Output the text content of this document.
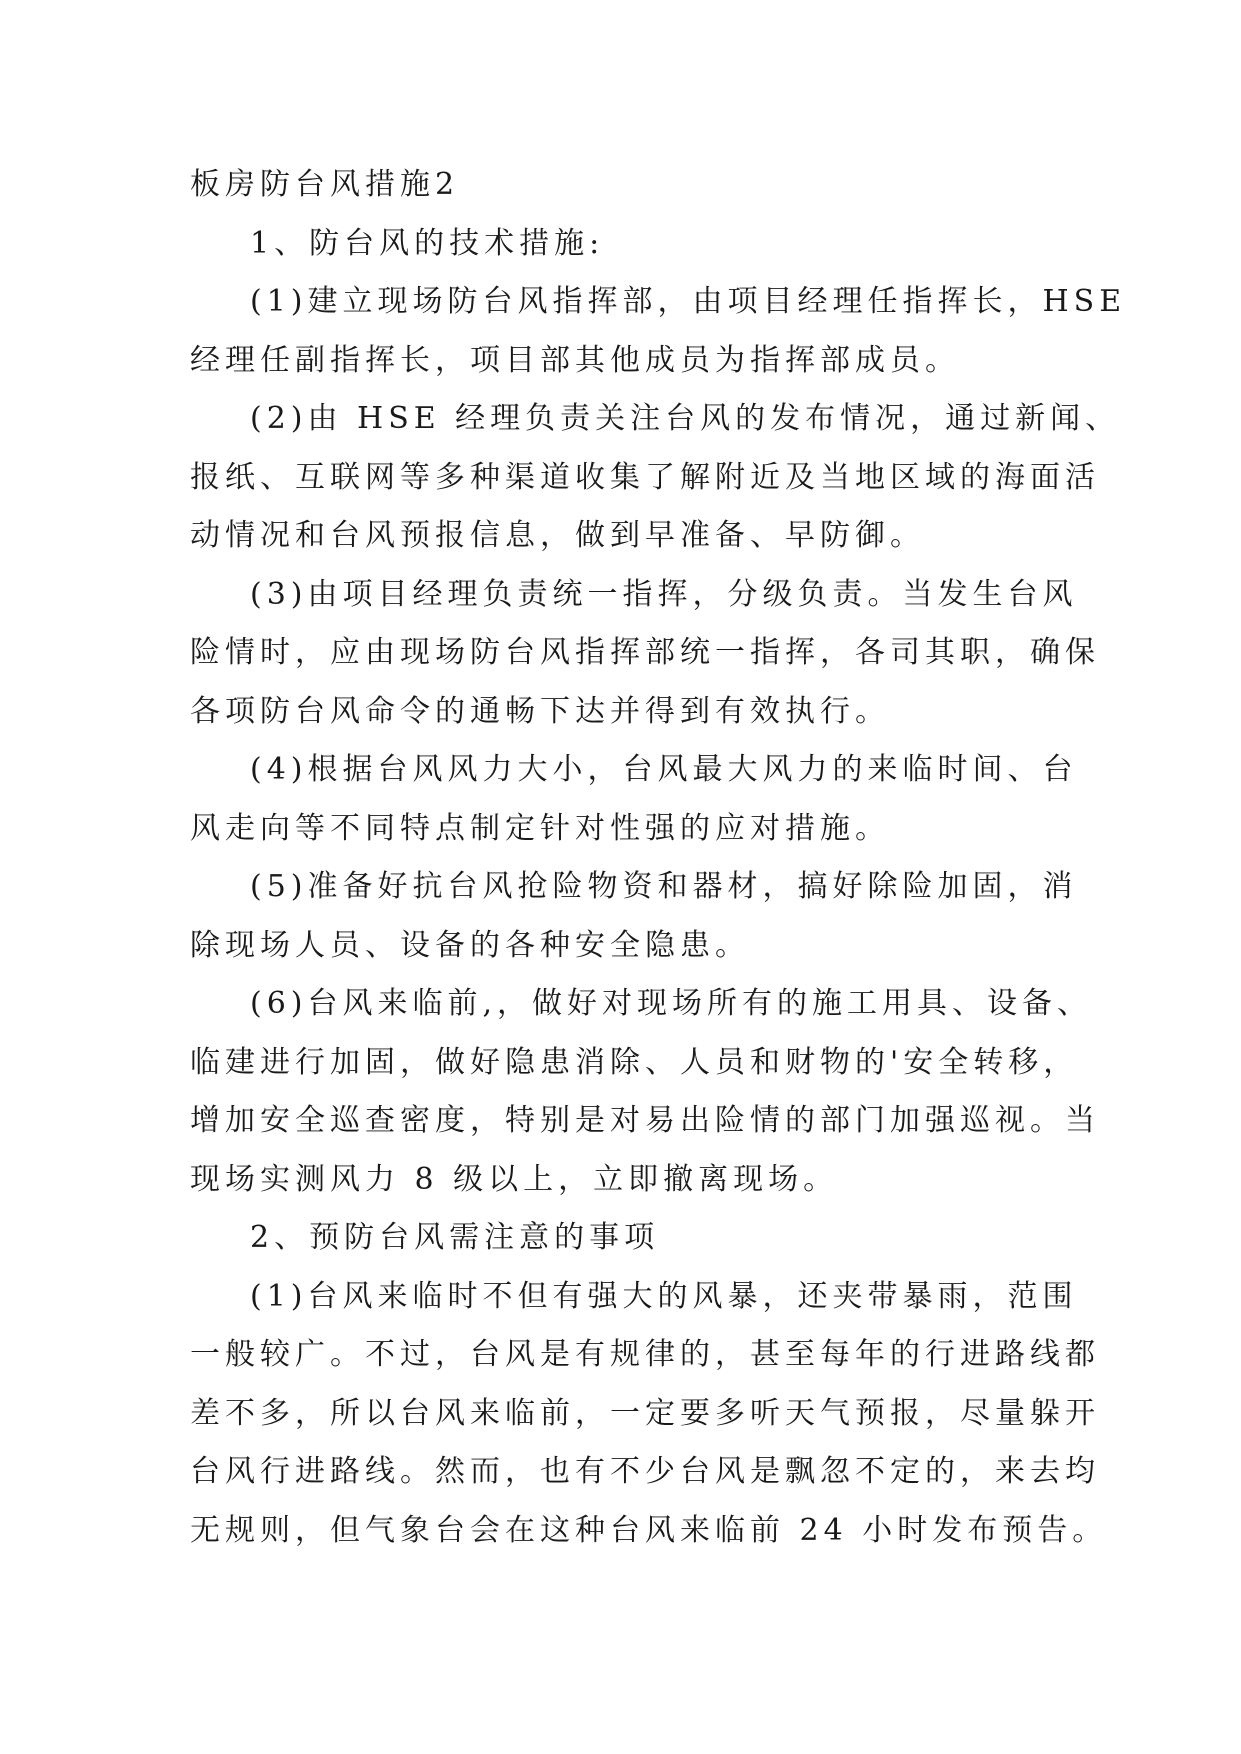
板房防台风措施2

1、防台风的技术措施:

(1)建立现场防台风指挥部，由项目经理任指挥长，HSE

经理任副指挥长，项目部其他成员为指挥部成员。

(2)由 HSE 经理负责关注台风的发布情况，通过新闻、

报纸、互联网等多种渠道收集了解附近及当地区域的海面活

动情况和台风预报信息，做到早准备、早防御。

(3)由项目经理负责统一指挥，分级负责。当发生台风

险情时，应由现场防台风指挥部统一指挥，各司其职，确保

各项防台风命令的通畅下达并得到有效执行。

(4)根据台风风力大小，台风最大风力的来临时间、台

风走向等不同特点制定针对性强的应对措施。

(5)准备好抗台风抢险物资和器材，搞好除险加固，消

除现场人员、设备的各种安全隐患。

(6)台风来临前,，做好对现场所有的施工用具、设备、

临建进行加固，做好隐患消除、人员和财物的'安全转移，

增加安全巡查密度，特别是对易出险情的部门加强巡视。当

现场实测风力 8 级以上，立即撤离现场。

2、预防台风需注意的事项

(1)台风来临时不但有强大的风暴，还夹带暴雨，范围

一般较广。不过，台风是有规律的，甚至每年的行进路线都

差不多，所以台风来临前，一定要多听天气预报，尽量躲开

台风行进路线。然而，也有不少台风是飘忽不定的，来去均

无规则，但气象台会在这种台风来临前 24 小时发布预告。
